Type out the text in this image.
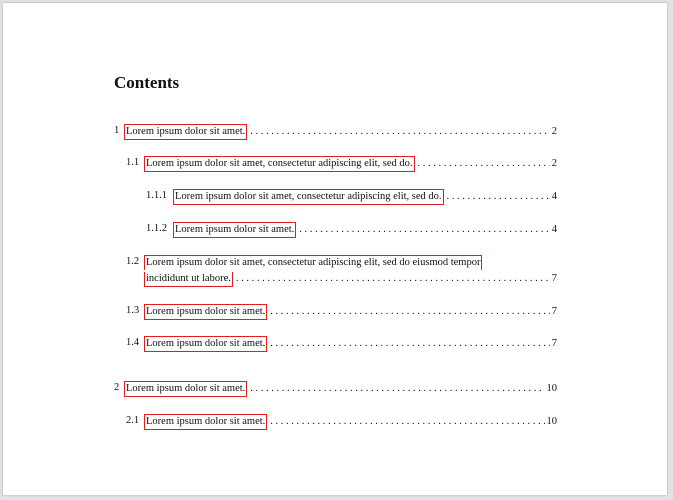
Contents
1 Lorem ipsum dolor sit amet. . . .	2
1.1 Lorem ipsum dolor sit amet, consectetur adipiscing elit, sed do. . . .	2
1.1.1 Lorem ipsum dolor sit amet, consectetur adipiscing elit, sed do. . . .	4
1.1.2 Lorem ipsum dolor sit amet. . . .	4
1.2 Lorem ipsum dolor sit amet, consectetur adipiscing elit, sed do eiusmod tempor
incididunt ut labore. . . .	7
1.3 Lorem ipsum dolor sit amet. . . .	7
1.4 Lorem ipsum dolor sit amet. . . .	7
2 Lorem ipsum dolor sit amet. . . .	10
2.1 Lorem ipsum dolor sit amet. . . .	10
